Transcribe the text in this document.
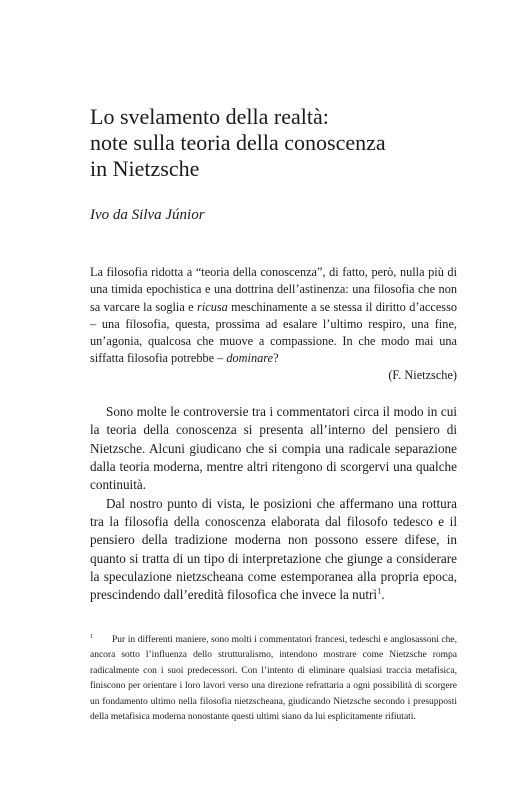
Lo svelamento della realtà:
note sulla teoria della conoscenza
in Nietzsche
Ivo da Silva Júnior
La filosofia ridotta a “teoria della conoscenza”, di fatto, però, nulla più di una timida epochistica e una dottrina dell’astinenza: una filosofia che non sa varcare la soglia e ricusa meschinamente a se stessa il diritto d’accesso – una filosofia, questa, prossima ad esalare l’ultimo respiro, una fine, un’agonia, qualcosa che muove a compassione. In che modo mai una siffatta filosofia potrebbe – dominare?
(F. Nietzsche)

Sono molte le controversie tra i commentatori circa il modo in cui la teoria della conoscenza si presenta all’interno del pensiero di Nietzsche. Alcuni giudicano che si compia una radicale separazione dalla teoria moderna, mentre altri ritengono di scorgervi una qualche continuità.

Dal nostro punto di vista, le posizioni che affermano una rottura tra la filosofia della conoscenza elaborata dal filosofo tedesco e il pensiero della tradizione moderna non possono essere difese, in quanto si tratta di un tipo di interpretazione che giunge a considerare la speculazione nietzscheana come estemporanea alla propria epoca, prescindendo dall’eredità filosofica che invece la nutrì$^1$.

$^1$ Pur in differenti maniere, sono molti i commentatori francesi, tedeschi e anglosassoni che, ancora sotto l’influenza dello strutturalismo, intendono mostrare come Nietzsche rompa radicalmente con i suoi predecessori. Con l’intento di eliminare qualsiasi traccia metafisica, finiscono per orientare i loro lavori verso una direzione refrattaria a ogni possibilità di scorgere un fondamento ultimo nella filosofia nietzscheana, giudicando Nietzsche secondo i presupposti della metafisica moderna nonostante questi ultimi siano da lui esplicitamente rifiutati.
